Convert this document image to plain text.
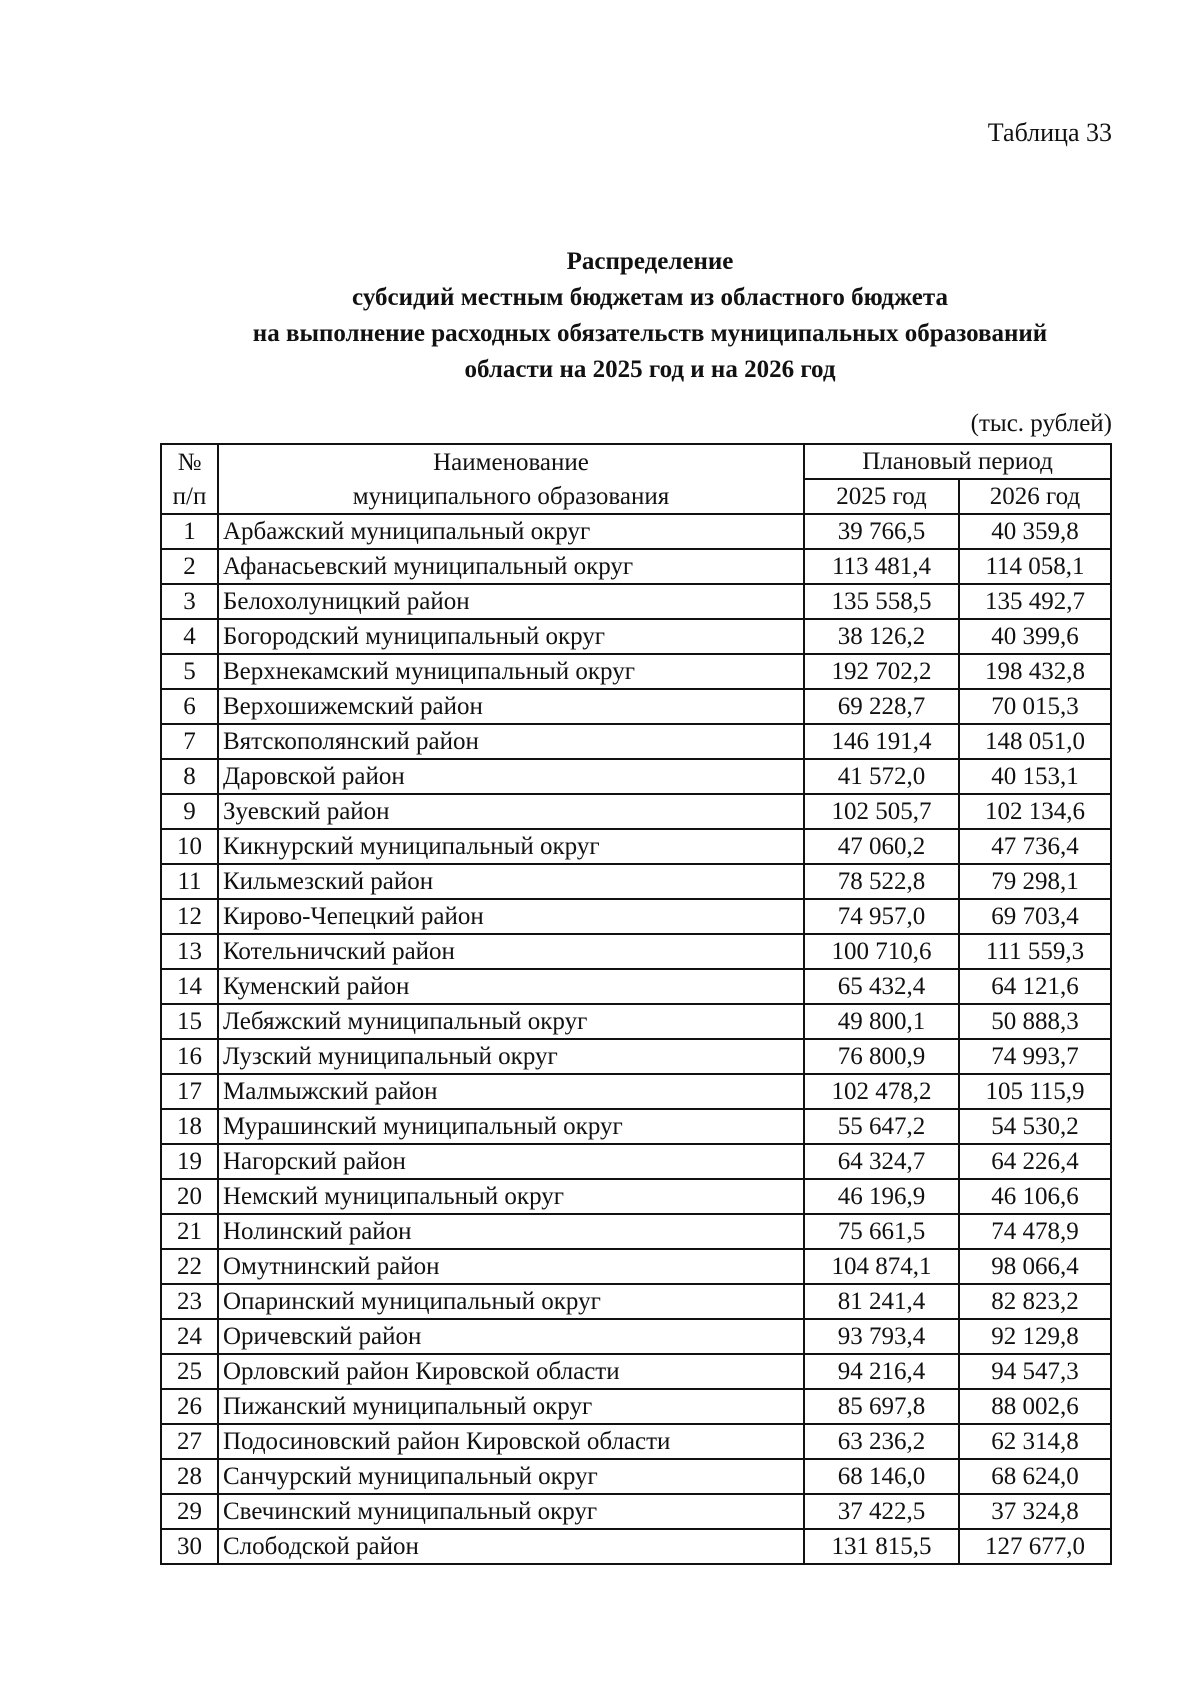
Таблица 33
Распределение
субсидий местным бюджетам из областного бюджета
на выполнение расходных обязательств муниципальных образований
области на 2025 год и на 2026 год
(тыс. рублей)
№	Наименование	Плановый период	
п/п	муниципального образования	2025 год	2026 год
1	Арбажский муниципальный округ	39 766,5	40 359,8
2	Афанасьевский муниципальный округ	113 481,4	114 058,1
3	Белохолуницкий район	135 558,5	135 492,7
4	Богородский муниципальный округ	38 126,2	40 399,6
5	Верхнекамский муниципальный округ	192 702,2	198 432,8
6	Верхошижемский район	69 228,7	70 015,3
7	Вятскополянский район	146 191,4	148 051,0
8	Даровской район	41 572,0	40 153,1
9	Зуевский район	102 505,7	102 134,6
10	Кикнурский муниципальный округ	47 060,2	47 736,4
11	Кильмезский район	78 522,8	79 298,1
12	Кирово-Чепецкий район	74 957,0	69 703,4
13	Котельничский район	100 710,6	111 559,3
14	Куменский район	65 432,4	64 121,6
15	Лебяжский муниципальный округ	49 800,1	50 888,3
16	Лузский муниципальный округ	76 800,9	74 993,7
17	Малмыжский район	102 478,2	105 115,9
18	Мурашинский муниципальный округ	55 647,2	54 530,2
19	Нагорский район	64 324,7	64 226,4
20	Немский муниципальный округ	46 196,9	46 106,6
21	Нолинский район	75 661,5	74 478,9
22	Омутнинский район	104 874,1	98 066,4
23	Опаринский муниципальный округ	81 241,4	82 823,2
24	Оричевский район	93 793,4	92 129,8
25	Орловский район Кировской области	94 216,4	94 547,3
26	Пижанский муниципальный округ	85 697,8	88 002,6
27	Подосиновский район Кировской области	63 236,2	62 314,8
28	Санчурский муниципальный округ	68 146,0	68 624,0
29	Свечинский муниципальный округ	37 422,5	37 324,8
30	Слободской район	131 815,5	127 677,0
